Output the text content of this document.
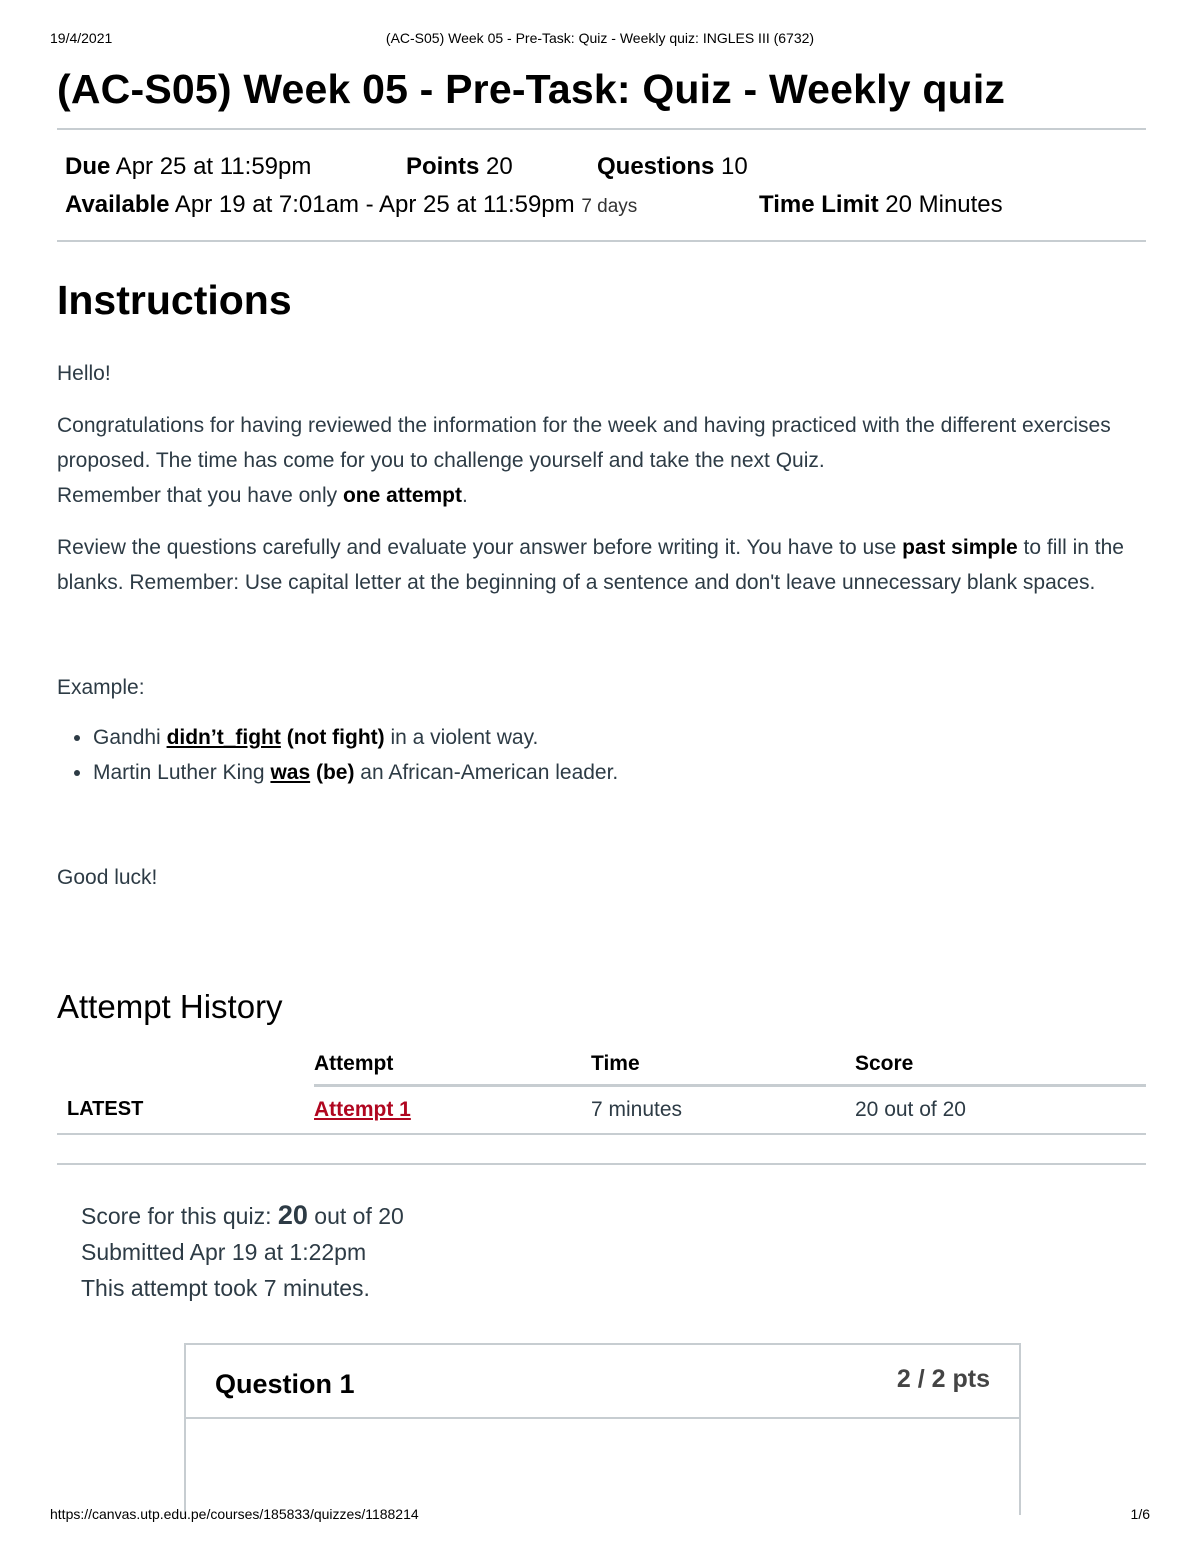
19/4/2021	(AC-S05) Week 05 - Pre-Task: Quiz - Weekly quiz: INGLES III (6732)
(AC-S05) Week 05 - Pre-Task: Quiz - Weekly quiz
Due Apr 25 at 11:59pm	Points 20	Questions 10
Available Apr 19 at 7:01am - Apr 25 at 11:59pm 7 days	Time Limit 20 Minutes
Instructions

Hello!

Congratulations for having reviewed the information for the week and having practiced with the different exercises proposed. The time has come for you to challenge yourself and take the next Quiz.
Remember that you have only one attempt.

Review the questions carefully and evaluate your answer before writing it. You have to use past simple to fill in the blanks. Remember: Use capital letter at the beginning of a sentence and don't leave unnecessary blank spaces.

Example:

• Gandhi didn’t_fight (not fight) in a violent way.
• Martin Luther King was (be) an African-American leader.

Good luck!

Attempt History
	Attempt	Time	Score
LATEST	Attempt 1	7 minutes	20 out of 20
Score for this quiz: 20 out of 20
Submitted Apr 19 at 1:22pm
This attempt took 7 minutes.
Question 1	2 / 2 pts
https://canvas.utp.edu.pe/courses/185833/quizzes/1188214	1/6
